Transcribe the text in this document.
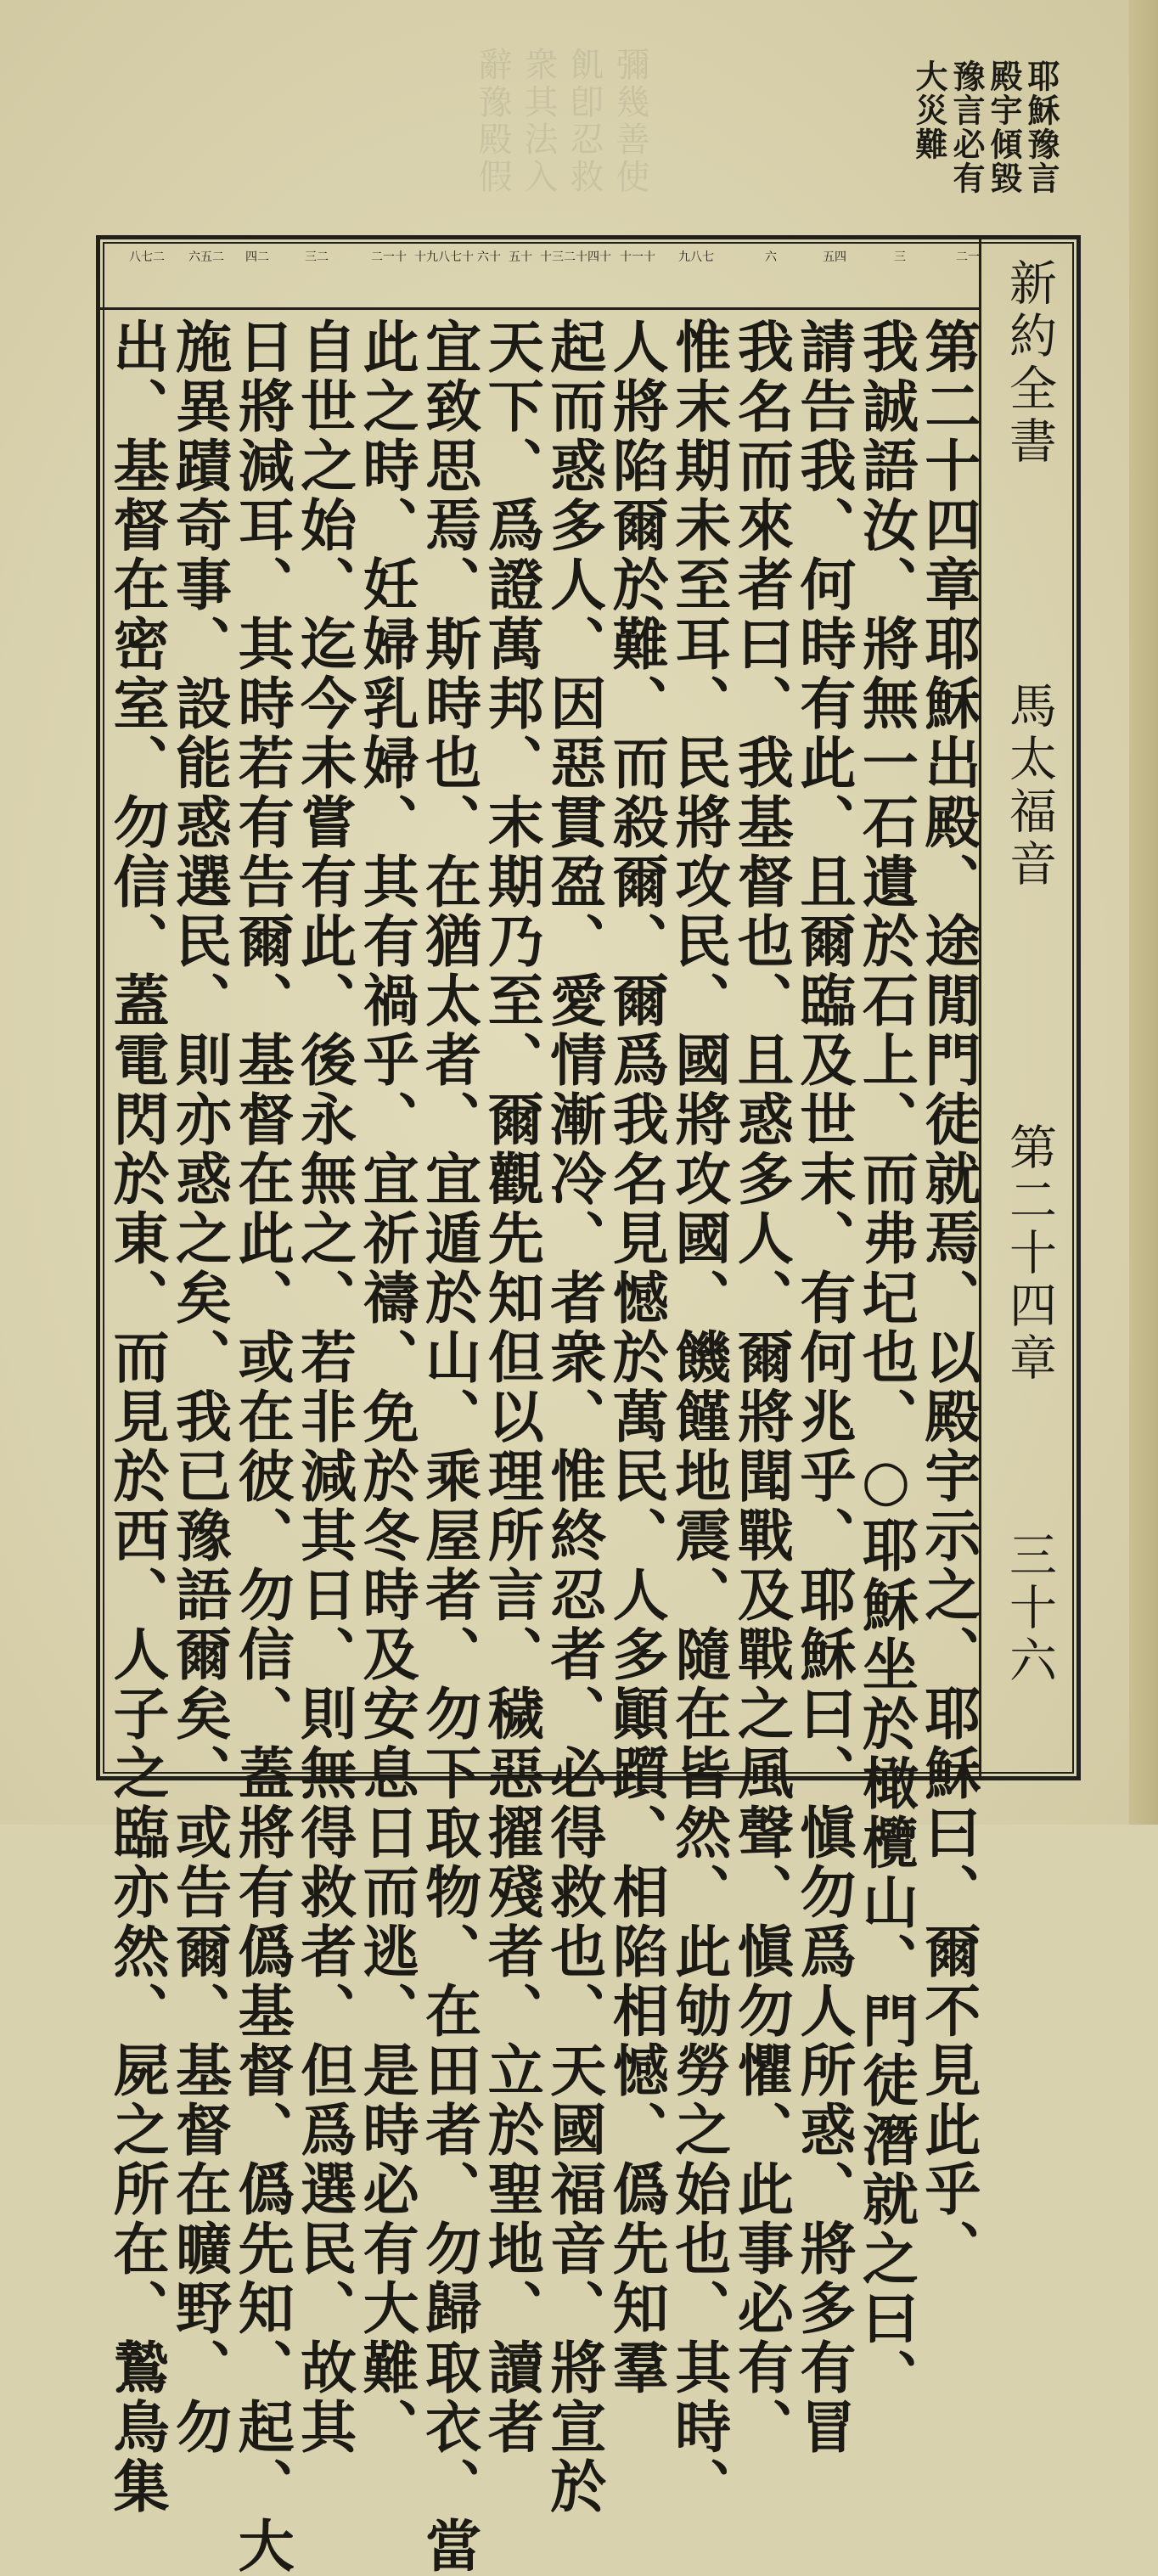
彌幾善使
飢卽忍救
衆其法入
辭豫殿假	耶穌豫言
殿宇傾毀
豫言必有
大災難
新約全書
馬太福音
第二十四章
三十六
二一
三
五四
六
九八七
十一十
十三二十四十
五十
六十
十九八七十
二一十
三二
四二
六五二
八七二
第二十四章耶穌出殿、途閒門徒就焉、以殿宇示之、耶穌曰、爾不見此乎、
我誠語汝、將無一石遺於石上、而弗圮也、○耶穌坐於橄欖山、門徒潛就之曰、
請告我、何時有此、且爾臨及世末、有何兆乎、耶穌曰、愼勿爲人所惑、將多有冒
我名而來者曰、我基督也、且惑多人、爾將聞戰及戰之風聲、愼勿懼、此事必有、
惟末期未至耳、民將攻民、國將攻國、饑饉地震、隨在皆然、此劬勞之始也、其時、
人將陷爾於難、而殺爾、爾爲我名見憾於萬民、人多顚躓、相陷相憾、僞先知羣
起而惑多人、因惡貫盈、愛情漸冷、者衆、惟終忍者、必得救也、天國福音、將宣於
天下、爲證萬邦、末期乃至、爾觀先知但以理所言、穢惡擢殘者、立於聖地、讀者
宜致思焉、斯時也、在猶太者、宜遁於山、乘屋者、勿下取物、在田者、勿歸取衣、當
此之時、妊婦乳婦、其有禍乎、宜祈禱、免於冬時及安息日而逃、是時必有大難、
自世之始、迄今未嘗有此、後永無之、若非減其日、則無得救者、但爲選民、故其
日將減耳、其時若有告爾、基督在此、或在彼、勿信、蓋將有僞基督、僞先知、起、大
施異蹟奇事、設能惑選民、則亦惑之矣、我已豫語爾矣、或告爾、基督在曠野、勿
出、基督在密室、勿信、蓋電閃於東、而見於西、人子之臨亦然、屍之所在、鷙鳥集
